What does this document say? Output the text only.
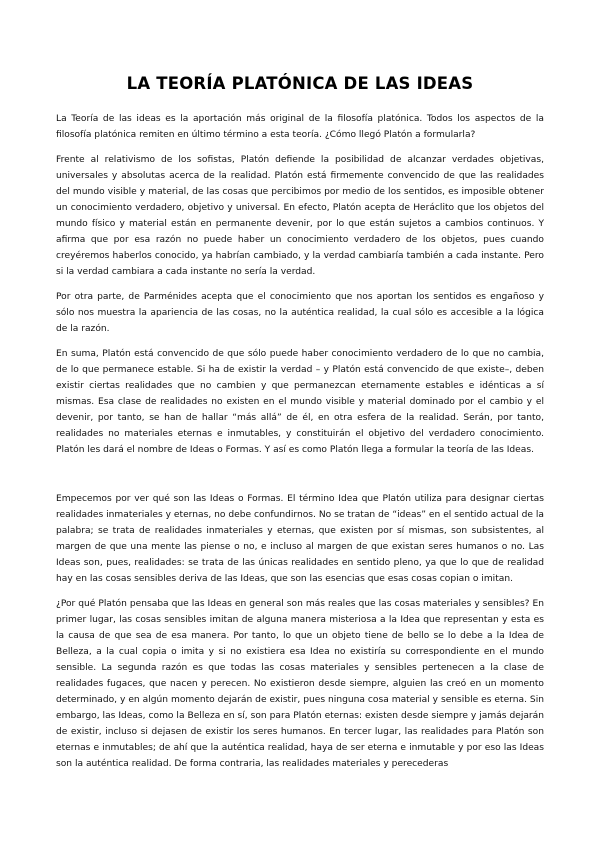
LA TEORÍA PLATÓNICA DE LAS IDEAS

La Teoría de las ideas es la aportación más original de la filosofía platónica. Todos los aspectos de la filosofía platónica remiten en último término a esta teoría. ¿Cómo llegó Platón a formularla?

Frente al relativismo de los sofistas, Platón defiende la posibilidad de alcanzar verdades objetivas, universales y absolutas acerca de la realidad. Platón está firmemente convencido de que las realidades del mundo visible y material, de las cosas que percibimos por medio de los sentidos, es imposible obtener un conocimiento verdadero, objetivo y universal. En efecto, Platón acepta de Heráclito que los objetos del mundo físico y material están en permanente devenir, por lo que están sujetos a cambios continuos. Y afirma que por esa razón no puede haber un conocimiento verdadero de los objetos, pues cuando creyéremos haberlos conocido, ya habrían cambiado, y la verdad cambiaría también a cada instante. Pero si la verdad cambiara a cada instante no sería la verdad.

Por otra parte, de Parménides acepta que el conocimiento que nos aportan los sentidos es engañoso y sólo nos muestra la apariencia de las cosas, no la auténtica realidad, la cual sólo es accesible a la lógica de la razón.

En suma, Platón está convencido de que sólo puede haber conocimiento verdadero de lo que no cambia, de lo que permanece estable. Si ha de existir la verdad – y Platón está convencido de que existe–, deben existir ciertas realidades que no cambien y que permanezcan eternamente estables e idénticas a sí mismas. Esa clase de realidades no existen en el mundo visible y material dominado por el cambio y el devenir, por tanto, se han de hallar “más allá” de él, en otra esfera de la realidad. Serán, por tanto, realidades no materiales eternas e inmutables, y constituirán el objetivo del verdadero conocimiento. Platón les dará el nombre de Ideas o Formas. Y así es como Platón llega a formular la teoría de las Ideas.

Empecemos por ver qué son las Ideas o Formas. El término Idea que Platón utiliza para designar ciertas realidades inmateriales y eternas, no debe confundirnos. No se tratan de “ideas” en el sentido actual de la palabra; se trata de realidades inmateriales y eternas, que existen por sí mismas, son subsistentes, al margen de que una mente las piense o no, e incluso al margen de que existan seres humanos o no. Las Ideas son, pues, realidades: se trata de las únicas realidades en sentido pleno, ya que lo que de realidad hay en las cosas sensibles deriva de las Ideas, que son las esencias que esas cosas copian o imitan.

¿Por qué Platón pensaba que las Ideas en general son más reales que las cosas materiales y sensibles? En primer lugar, las cosas sensibles imitan de alguna manera misteriosa a la Idea que representan y esta es la causa de que sea de esa manera. Por tanto, lo que un objeto tiene de bello se lo debe a la Idea de Belleza, a la cual copia o imita y si no existiera esa Idea no existiría su correspondiente en el mundo sensible. La segunda razón es que todas las cosas materiales y sensibles pertenecen a la clase de realidades fugaces, que nacen y perecen. No existieron desde siempre, alguien las creó en un momento determinado, y en algún momento dejarán de existir, pues ninguna cosa material y sensible es eterna. Sin embargo, las Ideas, como la Belleza en sí, son para Platón eternas: existen desde siempre y jamás dejarán de existir, incluso si dejasen de existir los seres humanos. En tercer lugar, las realidades para Platón son eternas e inmutables; de ahí que la auténtica realidad, haya de ser eterna e inmutable y por eso las Ideas son la auténtica realidad. De forma contraria, las realidades materiales y perecederas
